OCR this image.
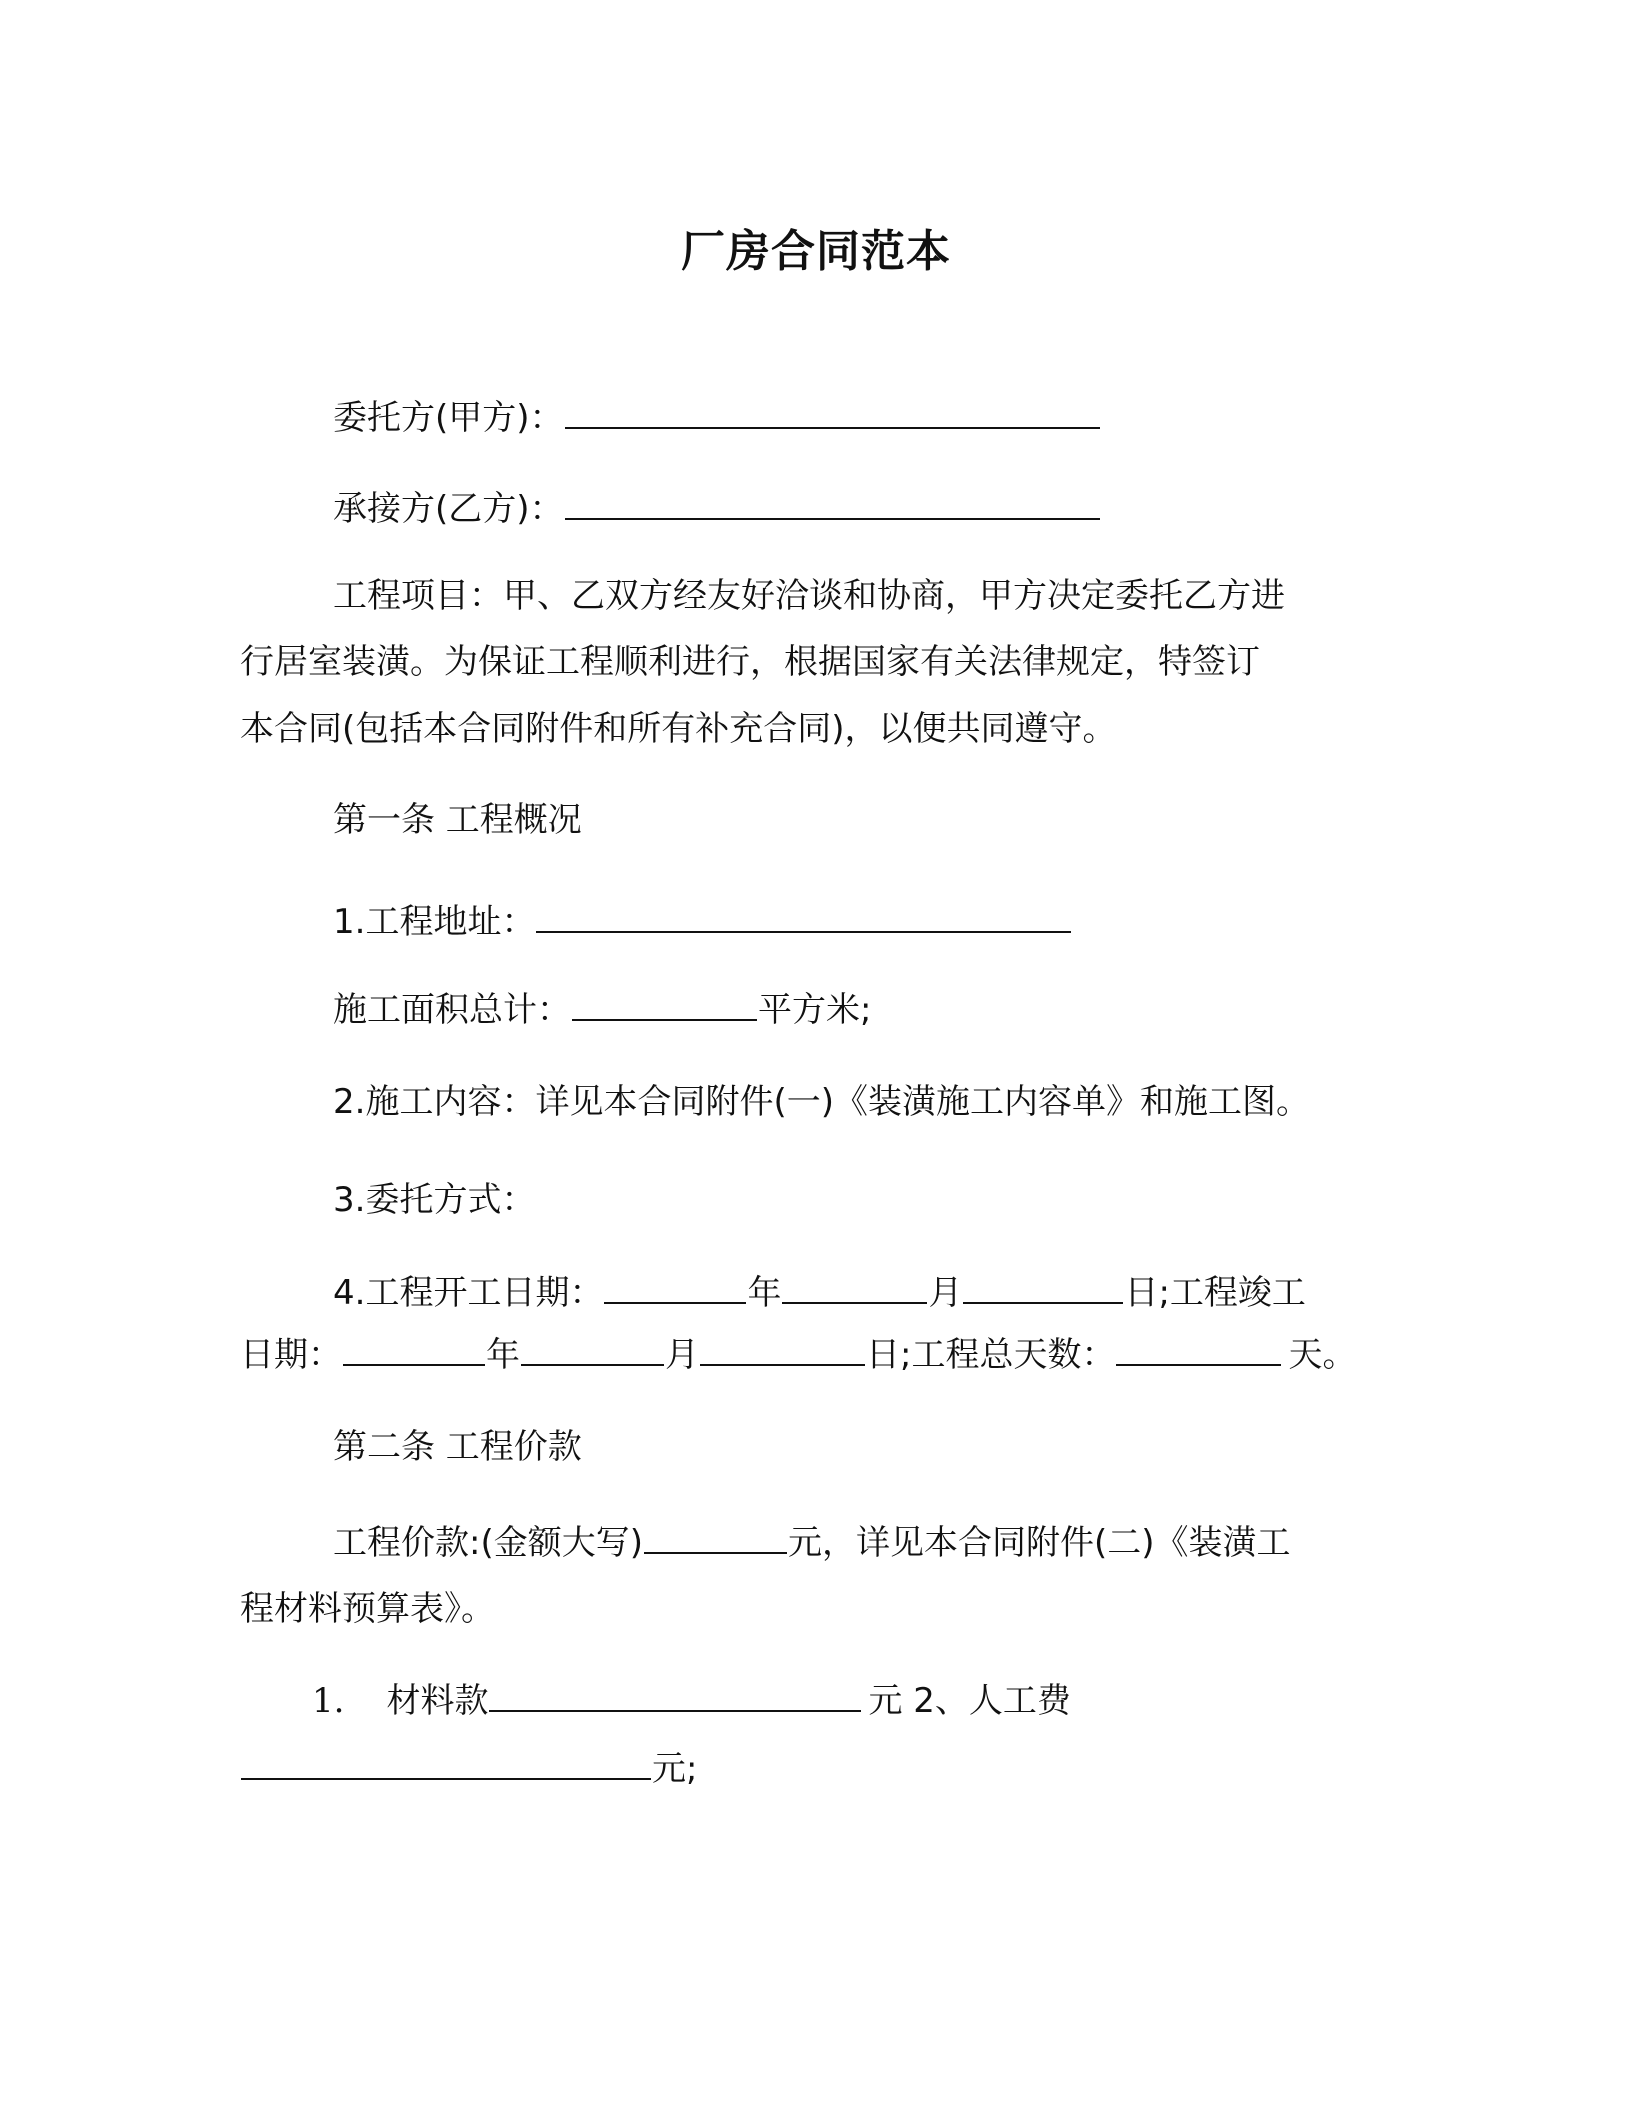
厂房合同范本
委托方(甲方)：
承接方(乙方)：
工程项目：甲、乙双方经友好洽谈和协商，甲方决定委托乙方进
行居室装潢。为保证工程顺利进行，根据国家有关法律规定，特签订
本合同(包括本合同附件和所有补充合同)，以便共同遵守。
第一条 工程概况
1.工程地址：
施工面积总计：	平方米;
2.施工内容：详见本合同附件(一)《装潢施工内容单》和施工图。
3.委托方式：
4.工程开工日期：	年	月	日;工程竣工
日期：	年	月	日;工程总天数：	天。
第二条 工程价款
工程价款:(金额大写)	元，详见本合同附件(二)《装潢工
程材料预算表》。
1. 材料款	元 2、人工费
元;
